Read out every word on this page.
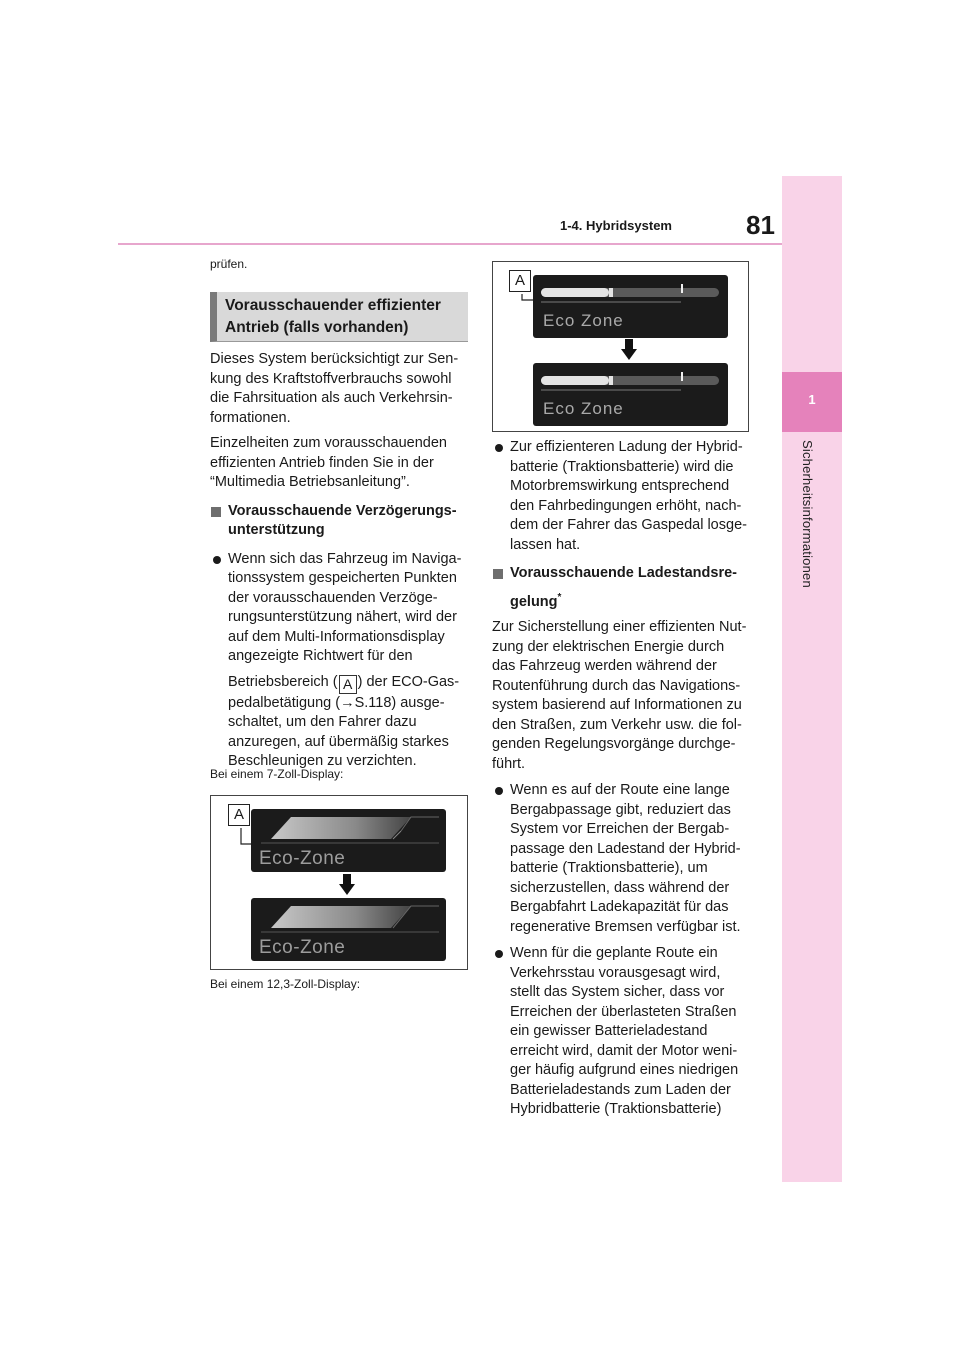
1-4. Hybridsystem	81
1
Sicherheitsinformationen
prüfen.
Vorausschauender effizienter
Antrieb (falls vorhanden)

Dieses System berücksichtigt zur Sen-
kung des Kraftstoffverbrauchs sowohl
die Fahrsituation als auch Verkehrsin-
formationen.

Einzelheiten zum vorausschauenden
effizienten Antrieb finden Sie in der
“Multimedia Betriebsanleitung”.

Vorausschauende Verzögerungs-
unterstützung
Wenn sich das Fahrzeug im Naviga-
tionssystem gespeicherten Punkten
der vorausschauenden Verzöge-
rungsunterstützung nähert, wird der
auf dem Multi-Informationsdisplay
angezeigte Richtwert für den
Betriebsbereich ( A ) der ECO-Gas-
pedalbetätigung (→S.118) ausge-
schaltet, um den Fahrer dazu
anzuregen, auf übermäßig starkes
Beschleunigen zu verzichten.
Bei einem 7-Zoll-Display:
A
Eco-Zone
Eco-Zone
Bei einem 12,3-Zoll-Display:
A
Eco Zone
Eco Zone
Zur effizienteren Ladung der Hybrid-
batterie (Traktionsbatterie) wird die
Motorbremswirkung entsprechend
den Fahrbedingungen erhöht, nach-
dem der Fahrer das Gaspedal losge-
lassen hat.
Vorausschauende Ladestandsre-
gelung*

Zur Sicherstellung einer effizienten Nut-
zung der elektrischen Energie durch
das Fahrzeug werden während der
Routenführung durch das Navigations-
system basierend auf Informationen zu
den Straßen, zum Verkehr usw. die fol-
genden Regelungsvorgänge durchge-
führt.

Wenn es auf der Route eine lange
Bergabpassage gibt, reduziert das
System vor Erreichen der Bergab-
passage den Ladestand der Hybrid-
batterie (Traktionsbatterie), um
sicherzustellen, dass während der
Bergabfahrt Ladekapazität für das
regenerative Bremsen verfügbar ist.
Wenn für die geplante Route ein
Verkehrsstau vorausgesagt wird,
stellt das System sicher, dass vor
Erreichen der überlasteten Straßen
ein gewisser Batterieladestand
erreicht wird, damit der Motor weni-
ger häufig aufgrund eines niedrigen
Batterieladestands zum Laden der
Hybridbatterie (Traktionsbatterie)
